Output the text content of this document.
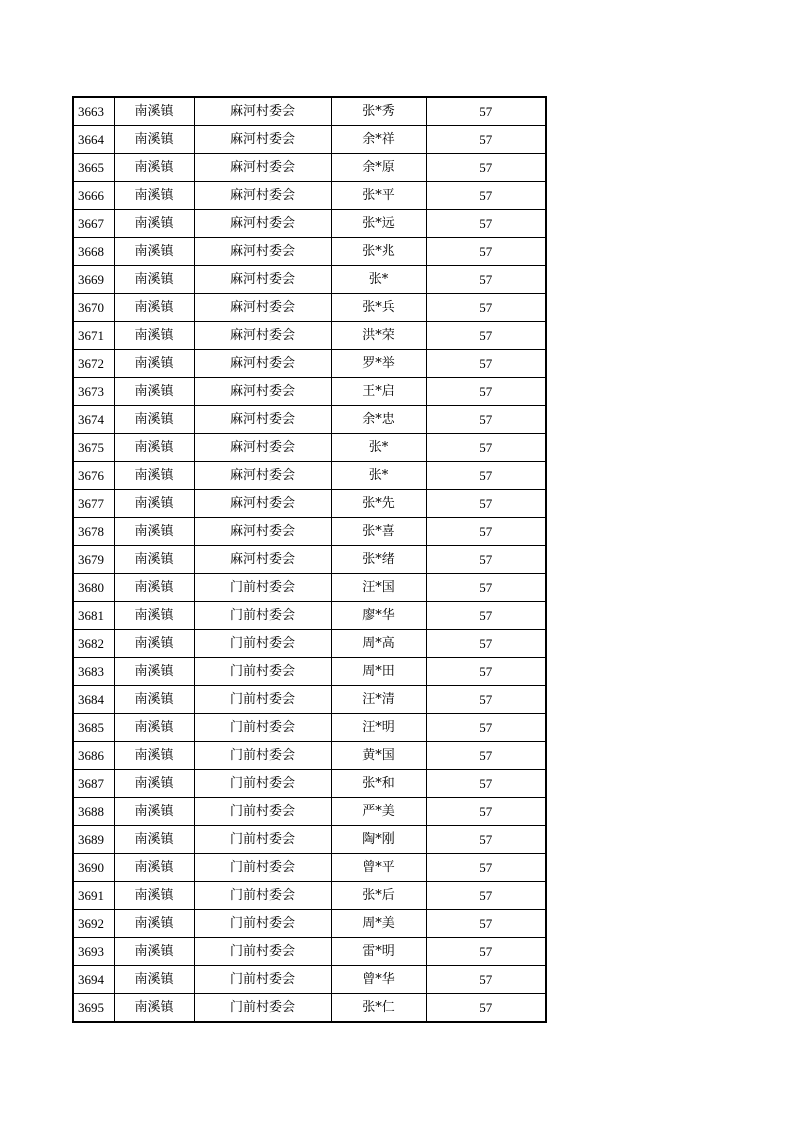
3663	南溪镇	麻河村委会	张*秀	57
3664	南溪镇	麻河村委会	余*祥	57
3665	南溪镇	麻河村委会	余*原	57
3666	南溪镇	麻河村委会	张*平	57
3667	南溪镇	麻河村委会	张*远	57
3668	南溪镇	麻河村委会	张*兆	57
3669	南溪镇	麻河村委会	张*	57
3670	南溪镇	麻河村委会	张*兵	57
3671	南溪镇	麻河村委会	洪*荣	57
3672	南溪镇	麻河村委会	罗*举	57
3673	南溪镇	麻河村委会	王*启	57
3674	南溪镇	麻河村委会	余*忠	57
3675	南溪镇	麻河村委会	张*	57
3676	南溪镇	麻河村委会	张*	57
3677	南溪镇	麻河村委会	张*先	57
3678	南溪镇	麻河村委会	张*喜	57
3679	南溪镇	麻河村委会	张*绪	57
3680	南溪镇	门前村委会	汪*国	57
3681	南溪镇	门前村委会	廖*华	57
3682	南溪镇	门前村委会	周*高	57
3683	南溪镇	门前村委会	周*田	57
3684	南溪镇	门前村委会	汪*清	57
3685	南溪镇	门前村委会	汪*明	57
3686	南溪镇	门前村委会	黄*国	57
3687	南溪镇	门前村委会	张*和	57
3688	南溪镇	门前村委会	严*美	57
3689	南溪镇	门前村委会	陶*刚	57
3690	南溪镇	门前村委会	曾*平	57
3691	南溪镇	门前村委会	张*后	57
3692	南溪镇	门前村委会	周*美	57
3693	南溪镇	门前村委会	雷*明	57
3694	南溪镇	门前村委会	曾*华	57
3695	南溪镇	门前村委会	张*仁	57
